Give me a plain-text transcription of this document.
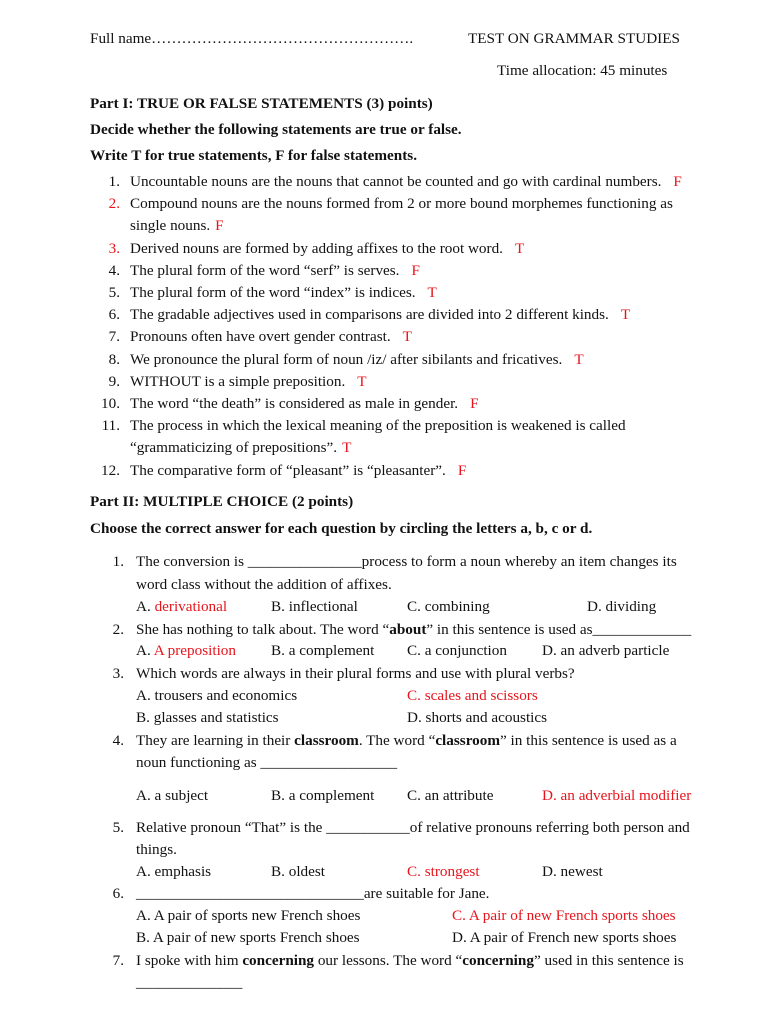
Full name…………………………………………….	TEST ON GRAMMAR STUDIES
Time allocation: 45 minutes
Part I: TRUE OR FALSE STATEMENTS (3) points)
Decide whether the following statements are true or false.
Write T for true statements, F for false statements.
1. Uncountable nouns are the nouns that cannot be counted and go with cardinal numbers. F
2. Compound nouns are the nouns formed from 2 or more bound morphemes functioning as
single nouns. F
3. Derived nouns are formed by adding affixes to the root word. T
4. The plural form of the word “serf” is serves. F
5. The plural form of the word “index” is indices. T
6. The gradable adjectives used in comparisons are divided into 2 different kinds. T
7. Pronouns often have overt gender contrast. T
8. We pronounce the plural form of noun /iz/ after sibilants and fricatives. T
9. WITHOUT is a simple preposition. T
10. The word “the death” is considered as male in gender. F
11. The process in which the lexical meaning of the preposition is weakened is called
“grammaticizing of prepositions”. T
12. The comparative form of “pleasant” is “pleasanter”. F
Part II: MULTIPLE CHOICE (2 points)
Choose the correct answer for each question by circling the letters a, b, c or d.
1. The conversion is _______________process to form a noun whereby an item changes its
word class without the addition of affixes.
A. derivational	B. inflectional	C. combining	D. dividing
2. She has nothing to talk about. The word “about” in this sentence is used as_____________
A. A preposition B. a complement C. a conjunction D. an adverb particle
3. Which words are always in their plural forms and use with plural verbs?
A. trousers and economics	C. scales and scissors
B. glasses and statistics	D. shorts and acoustics
4. They are learning in their classroom. The word “classroom” in this sentence is used as a
noun functioning as __________________
A. a subject	B. a complement C. an attribute	D. an adverbial modifier
5. Relative pronoun “That” is the ___________of relative pronouns referring both person and
things.
A. emphasis	B. oldest	C. strongest	D. newest
6. ______________________________are suitable for Jane.
A. A pair of sports new French shoes	C. A pair of new French sports shoes
B. A pair of new sports French shoes	D. A pair of French new sports shoes
7. I spoke with him concerning our lessons. The word “concerning” used in this sentence is
______________
